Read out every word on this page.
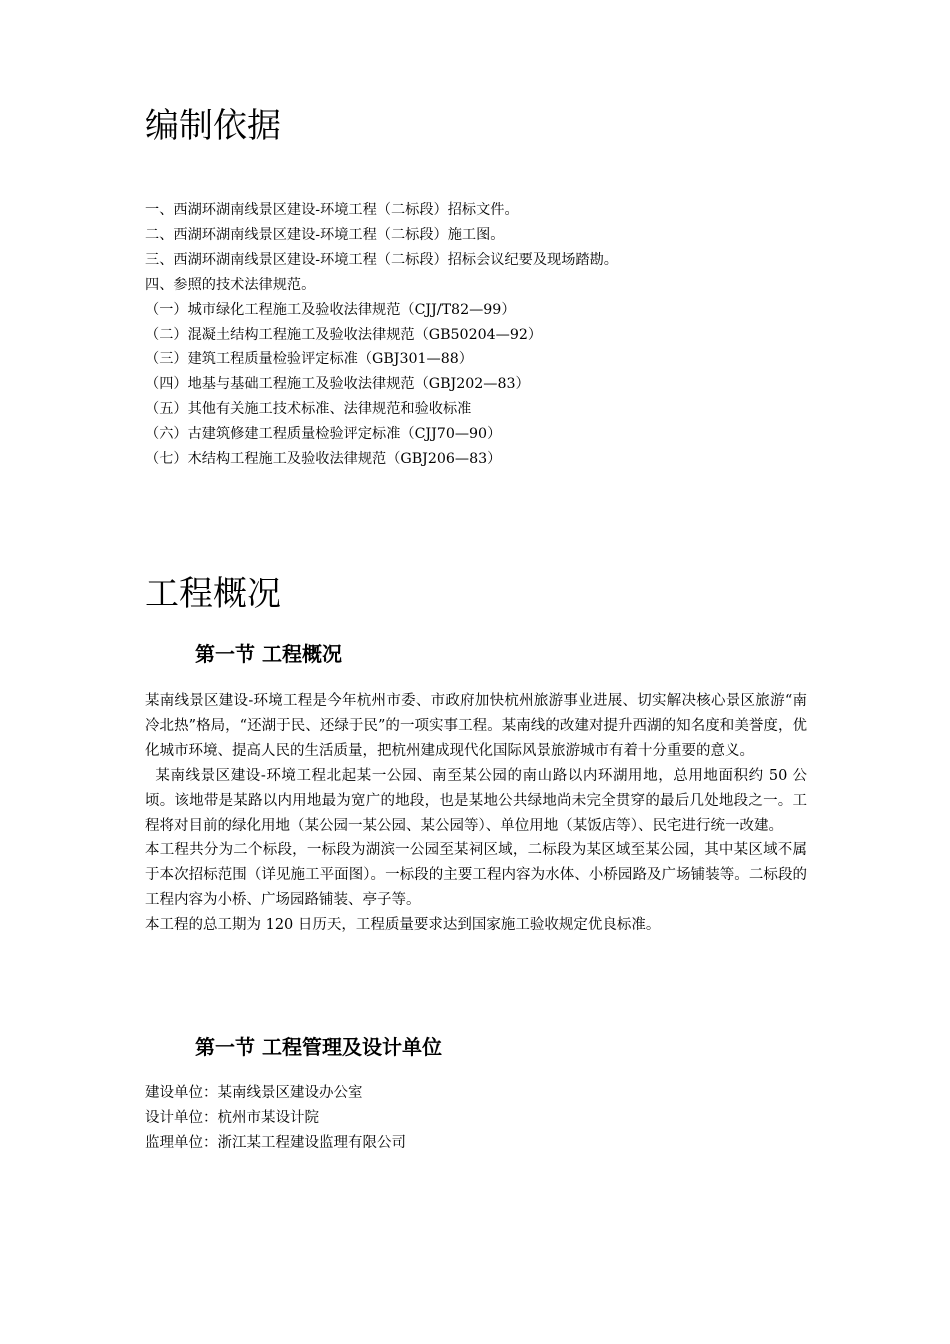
编制依据
一、西湖环湖南线景区建设-环境工程（二标段）招标文件。
二、西湖环湖南线景区建设-环境工程（二标段）施工图。
三、西湖环湖南线景区建设-环境工程（二标段）招标会议纪要及现场踏勘。
四、参照的技术法律规范。
（一）城市绿化工程施工及验收法律规范（CJJ/T82—99）
（二）混凝土结构工程施工及验收法律规范（GB50204—92）
（三）建筑工程质量检验评定标准（GBJ301—88）
（四）地基与基础工程施工及验收法律规范（GBJ202—83）
（五）其他有关施工技术标准、法律规范和验收标准
（六）古建筑修建工程质量检验评定标准（CJJ70—90）
（七）木结构工程施工及验收法律规范（GBJ206—83）
工程概况
第一节 工程概况

某南线景区建设-环境工程是今年杭州市委、市政府加快杭州旅游事业进展、切实解决核心景区旅游“南冷北热”格局，“还湖于民、还绿于民”的一项实事工程。某南线的改建对提升西湖的知名度和美誉度，优化城市环境、提高人民的生活质量，把杭州建成现代化国际风景旅游城市有着十分重要的意义。

某南线景区建设-环境工程北起某一公园、南至某公园的南山路以内环湖用地，总用地面积约 50 公顷。该地带是某路以内用地最为宽广的地段，也是某地公共绿地尚未完全贯穿的最后几处地段之一。工程将对目前的绿化用地（某公园一某公园、某公园等）、单位用地（某饭店等）、民宅进行统一改建。

本工程共分为二个标段，一标段为湖滨一公园至某祠区域，二标段为某区域至某公园，其中某区域不属于本次招标范围（详见施工平面图）。一标段的主要工程内容为水体、小桥园路及广场铺装等。二标段的工程内容为小桥、广场园路铺装、亭子等。

本工程的总工期为 120 日历天，工程质量要求达到国家施工验收规定优良标准。

第一节 工程管理及设计单位
建设单位：某南线景区建设办公室
设计单位：杭州市某设计院
监理单位：浙江某工程建设监理有限公司
